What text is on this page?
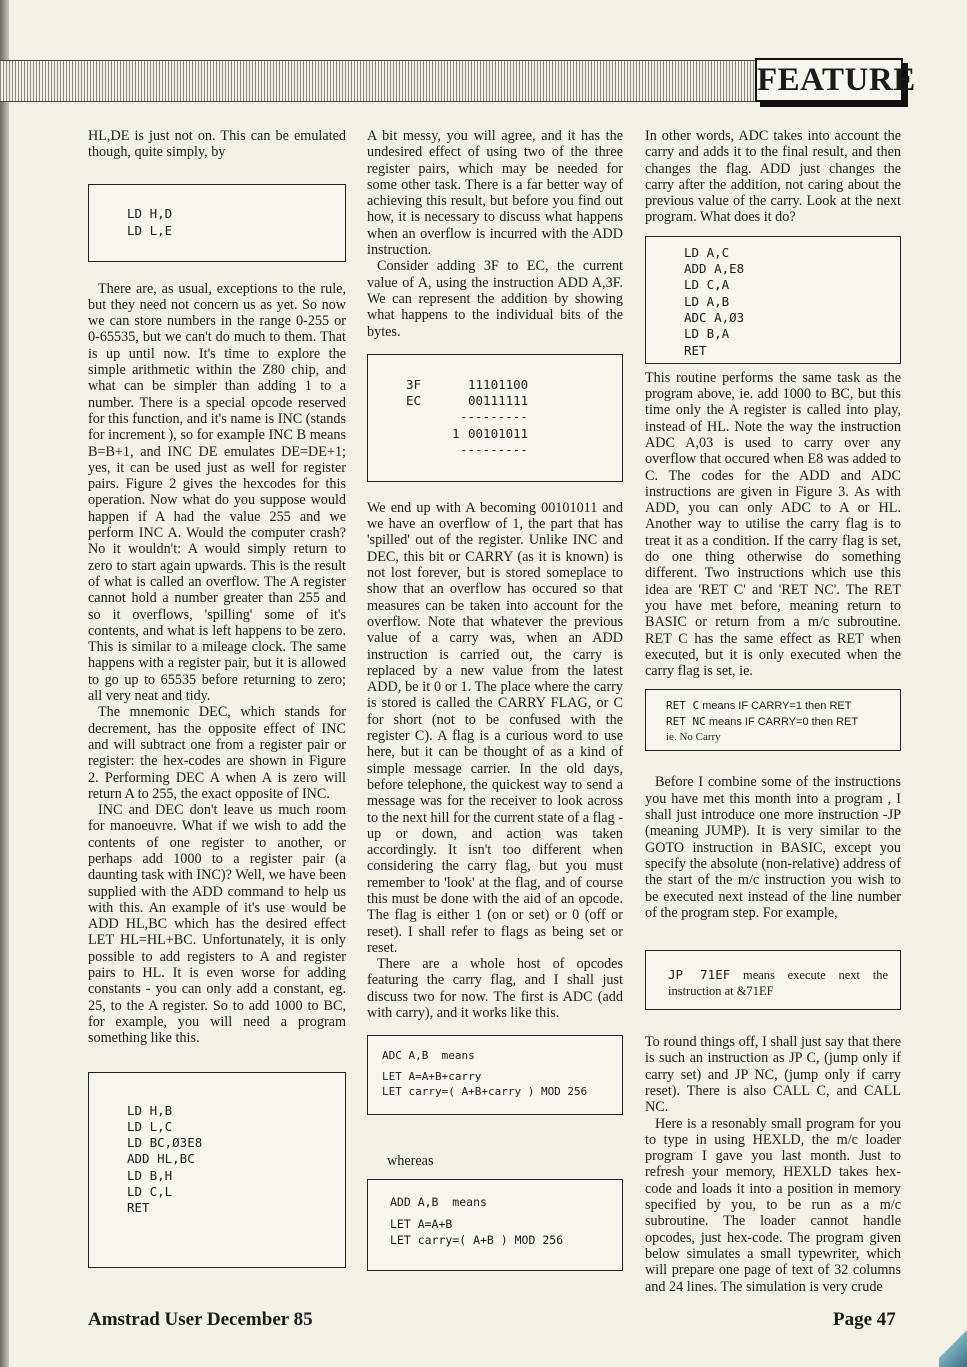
FEATURE

HL,DE is just not on. This can be emulated though, quite simply, by

LD H,D
LD L,E

There are, as usual, exceptions to the rule, but they need not concern us as yet. So now we can store numbers in the range 0-255 or 0-65535, but we can't do much to them. That is up until now. It's time to explore the simple arithmetic within the Z80 chip, and what can be simpler than adding 1 to a number. There is a special opcode reserved for this function, and it's name is INC (stands for increment ), so for example INC B means B=B+1, and INC DE emulates DE=DE+1; yes, it can be used just as well for register pairs. Figure 2 gives the hexcodes for this operation. Now what do you suppose would happen if A had the value 255 and we perform INC A. Would the computer crash? No it wouldn't: A would simply return to zero to start again upwards. This is the result of what is called an overflow. The A register cannot hold a number greater than 255 and so it overflows, 'spilling' some of it's contents, and what is left happens to be zero. This is similar to a mileage clock. The same happens with a register pair, but it is allowed to go up to 65535 before returning to zero; all very neat and tidy.

The mnemonic DEC, which stands for decrement, has the opposite effect of INC and will subtract one from a register pair or register: the hex-codes are shown in Figure 2. Performing DEC A when A is zero will return A to 255, the exact opposite of INC.

INC and DEC don't leave us much room for manoeuvre. What if we wish to add the contents of one register to another, or perhaps add 1000 to a register pair (a daunting task with INC)? Well, we have been supplied with the ADD command to help us with this. An example of it's use would be ADD HL,BC which has the desired effect LET HL=HL+BC. Unfortunately, it is only possible to add registers to A and register pairs to HL. It is even worse for adding constants - you can only add a constant, eg. 25, to the A register. So to add 1000 to BC, for example, you will need a program something like this.

LD H,B
LD L,C
LD BC,Ø3E8
ADD HL,BC
LD B,H
LD C,L
RET

A bit messy, you will agree, and it has the undesired effect of using two of the three register pairs, which may be needed for some other task. There is a far better way of achieving this result, but before you find out how, it is necessary to discuss what happens when an overflow is incurred with the ADD instruction.

Consider adding 3F to EC, the current value of A, using the instruction ADD A,3F. We can represent the addition by showing what happens to the individual bits of the bytes.

3F	11101100
EC	00111111
---------
1 00101011
---------

We end up with A becoming 00101011 and we have an overflow of 1, the part that has 'spilled' out of the register. Unlike INC and DEC, this bit or CARRY (as it is known) is not lost forever, but is stored someplace to show that an overflow has occured so that measures can be taken into account for the overflow. Note that whatever the previous value of a carry was, when an ADD instruction is carried out, the carry is replaced by a new value from the latest ADD, be it 0 or 1. The place where the carry is stored is called the CARRY FLAG, or C for short (not to be confused with the register C). A flag is a curious word to use here, but it can be thought of as a kind of simple message carrier. In the old days, before telephone, the quickest way to send a message was for the receiver to look across to the next hill for the current state of a flag - up or down, and action was taken accordingly. It isn't too different when considering the carry flag, but you must remember to 'look' at the flag, and of course this must be done with the aid of an opcode. The flag is either 1 (on or set) or 0 (off or reset). I shall refer to flags as being set or reset.

There are a whole host of opcodes featuring the carry flag, and I shall just discuss two for now. The first is ADC (add with carry), and it works like this.

ADC A,B  means
LET A=A+B+carry
LET carry=( A+B+carry ) MOD 256

whereas

ADD A,B  means
LET A=A+B
LET carry=( A+B ) MOD 256

In other words, ADC takes into account the carry and adds it to the final result, and then changes the flag. ADD just changes the carry after the addition, not caring about the previous value of the carry. Look at the next program. What does it do?

LD A,C
ADD A,E8
LD C,A
LD A,B
ADC A,Ø3
LD B,A
RET

This routine performs the same task as the program above, ie. add 1000 to BC, but this time only the A register is called into play, instead of HL. Note the way the instruction ADC A,03 is used to carry over any overflow that occured when E8 was added to C. The codes for the ADD and ADC instructions are given in Figure 3. As with ADD, you can only ADC to A or HL. Another way to utilise the carry flag is to treat it as a condition. If the carry flag is set, do one thing otherwise do something different. Two instructions which use this idea are 'RET C' and 'RET NC'. The RET you have met before, meaning return to BASIC or return from a m/c subroutine. RET C has the same effect as RET when executed, but it is only executed when the carry flag is set, ie.

RET C means IF CARRY=1 then RET
RET NC means IF CARRY=0 then RET
ie. No Carry

Before I combine some of the instructions you have met this month into a program , I shall just introduce one more instruction -JP (meaning JUMP). It is very similar to the GOTO instruction in BASIC, except you specify the absolute (non-relative) address of the start of the m/c instruction you wish to be executed next instead of the line number of the program step. For example,

JP 71EF means execute next the instruction at &71EF

To round things off, I shall just say that there is such an instruction as JP C, (jump only if carry set) and JP NC, (jump only if carry reset). There is also CALL C, and CALL NC.

Here is a resonably small program for you to type in using HEXLD, the m/c loader program I gave you last month. Just to refresh your memory, HEXLD takes hex-code and loads it into a position in memory specified by you, to be run as a m/c subroutine. The loader cannot handle opcodes, just hex-code. The program given below simulates a small typewriter, which will prepare one page of text of 32 columns and 24 lines. The simulation is very crude

Amstrad User December 85	Page 47
